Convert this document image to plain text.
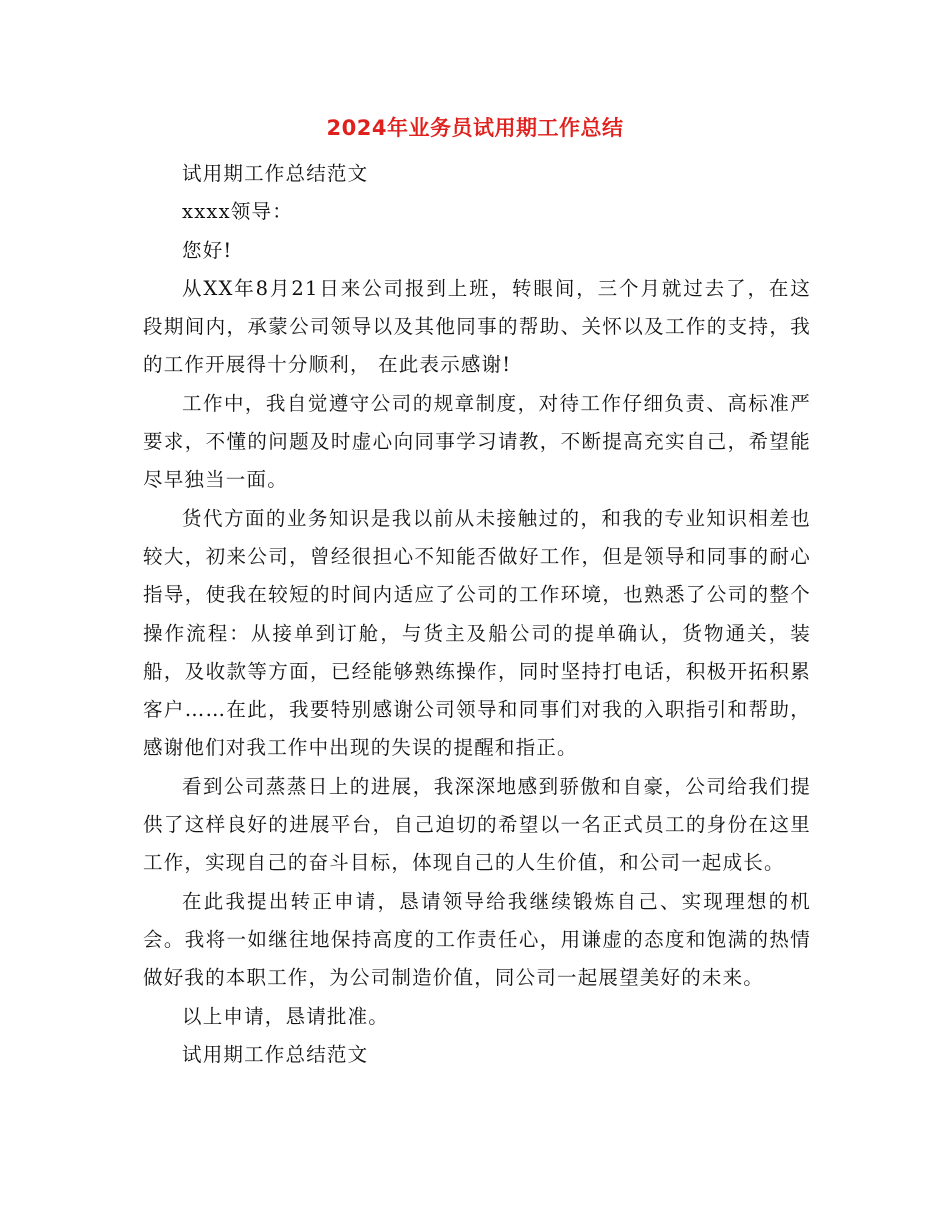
2024年业务员试用期工作总结

试用期工作总结范文

xxxx领导：

您好!

从XX年8月21日来公司报到上班，转眼间，三个月就过去了，在这段期间内，承蒙公司领导以及其他同事的帮助、关怀以及工作的支持，我的工作开展得十分顺利， 在此表示感谢!

工作中，我自觉遵守公司的规章制度，对待工作仔细负责、高标准严要求，不懂的问题及时虚心向同事学习请教，不断提高充实自己，希望能尽早独当一面。

货代方面的业务知识是我以前从未接触过的，和我的专业知识相差也较大，初来公司，曾经很担心不知能否做好工作，但是领导和同事的耐心指导，使我在较短的时间内适应了公司的工作环境，也熟悉了公司的整个操作流程：从接单到订舱，与货主及船公司的提单确认，货物通关，装船，及收款等方面，已经能够熟练操作，同时坚持打电话，积极开拓积累客户……在此，我要特别感谢公司领导和同事们对我的入职指引和帮助，感谢他们对我工作中出现的失误的提醒和指正。

看到公司蒸蒸日上的进展，我深深地感到骄傲和自豪，公司给我们提供了这样良好的进展平台，自己迫切的希望以一名正式员工的身份在这里工作，实现自己的奋斗目标，体现自己的人生价值，和公司一起成长。

在此我提出转正申请，恳请领导给我继续锻炼自己、实现理想的机会。我将一如继往地保持高度的工作责任心，用谦虚的态度和饱满的热情做好我的本职工作，为公司制造价值，同公司一起展望美好的未来。

以上申请，恳请批准。

试用期工作总结范文
